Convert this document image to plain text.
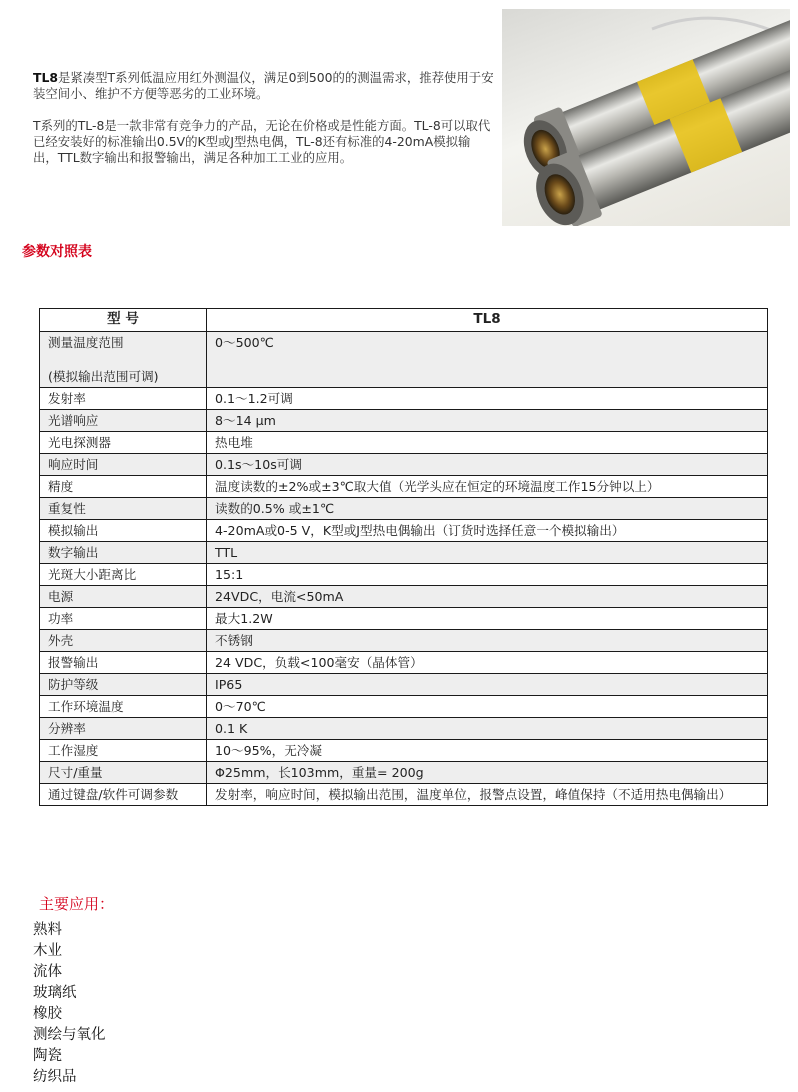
TL8是紧凑型T系列低温应用红外测温仪，满足0到500的的测温需求，推荐使用于安装空间小、维护不方便等恶劣的工业环境。

T系列的TL-8是一款非常有竞争力的产品，无论在价格或是性能方面。TL-8可以取代已经安装好的标准输出0.5V的K型或J型热电偶，TL-8还有标准的4-20mA模拟输出，TTL数字输出和报警输出，满足各种加工工业的应用。

参数对照表
型 号	TL8
测量温度范围

(模拟输出范围可调)	0～500℃
发射率	0.1～1.2可调
光谱响应	8～14 μm
光电探测器	热电堆
响应时间	0.1s～10s可调
精度	温度读数的±2%或±3℃取大值（光学头应在恒定的环境温度工作15分钟以上）
重复性	读数的0.5% 或±1℃
模拟输出	4-20mA或0-5 V，K型或J型热电偶输出（订货时选择任意一个模拟输出）
数字输出	TTL
光斑大小距离比	15:1
电源	24VDC，电流<50mA
功率	最大1.2W
外壳	不锈钢
报警输出	24 VDC，负载<100毫安（晶体管）
防护等级	IP65
工作环境温度	0～70℃
分辨率	0.1 K
工作湿度	10～95%，无冷凝
尺寸/重量	Φ25mm，长103mm，重量= 200g
通过键盘/软件可调参数	发射率，响应时间，模拟输出范围，温度单位，报警点设置，峰值保持（不适用热电偶输出）
主要应用：
熟料
木业
流体
玻璃纸
橡胶
测绘与氧化
陶瓷
纺织品
